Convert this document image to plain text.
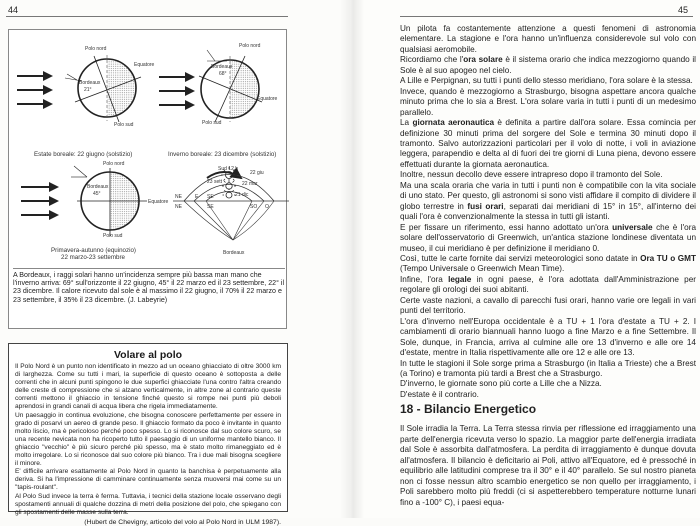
44
Polo nord
Equatore
Bordeaux
21°
Polo sud
Estate boreale: 22 giugno (solstizio)
Polo nord
Bordeaux
68°
Equatore
Polo sud
Inverno boreale: 23 dicembre (solstizio)
Polo nord
Bordeaux
45°
Equatore
Polo sud
Primavera-autunno (equinozio)
22 marzo-23 settembre
Sud 12 h
22 giu
22 mar
23 sett
21 dic
NE
NE
E SE
SE	SO O
Bordeaux
A Bordeaux, i raggi solari hanno un'incidenza sempre più bassa man mano che l'inverno arriva: 69° sull'orizzonte il 22 giugno, 45° il 22 marzo ed il 23 settembre, 22° il 23 dicembre. Il calore ricevuto dal sole è al massimo il 22 giugno, il 70% il 22 marzo e 23 settembre, il 35% il 23 dicembre. (J. Labeyrie)
Volare al polo

Il Polo Nord è un punto non identificato in mezzo ad un oceano ghiacciato di oltre 3000 km di larghezza. Come su tutti i mari, la superficie di questo oceano è sottoposta a delle correnti che in alcuni punti spingono le due superfici ghiacciate l'una contro l'altra creando delle creste di compressione che si alzano verticalmente, in altre zone al contrario queste correnti mettono il ghiaccio in tensione finché questo si rompe nei punti più deboli aprendosi in grandi canali di acqua libera che rigela immediatamente.

Un paesaggio in continua evoluzione, che bisogna conoscere perfettamente per essere in grado di posarvi un aereo di grande peso. Il ghiaccio formato da poco è invitante in quanto molto liscio, ma è pericoloso perché poco spesso. Lo si riconosce dal suo colore scuro, se una recente nevicata non ha ricoperto tutto il paesaggio di un uniforme mantello bianco. Il ghiaccio "vecchio" è più sicuro perché più spesso, ma è stato molto rimaneggiato ed è molto irregolare. Lo si riconosce dal suo colore più bianco. Tra i due mali bisogna scegliere il minore.

E' difficile arrivare esattamente al Polo Nord in quanto la banchisa è perpetuamente alla deriva. Si ha l'impressione di camminare continuamente senza muoversi mai come su un "tapis-roulant".

Al Polo Sud invece la terra è ferma. Tuttavia, i tecnici della stazione locale osservano degli spostamenti annuali di qualche dozzina di metri della posizione del polo, che spiegano con gli spostamenti delle masse sulla terra.

(Hubert de Chevigny, articolo del volo al Polo Nord in ULM 1987).
45

Un pilota fa costantemente attenzione a questi fenomeni di astronomia elementare. La stagione e l'ora hanno un'influenza considerevole sul volo con qualsiasi aeromobile.

Ricordiamo che l'ora solare è il sistema orario che indica mezzogiorno quando il Sole è al suo apogeo nel cielo.

A Lille e Perpignan, su tutti i punti dello stesso meridiano, l'ora solare è la stessa.

Invece, quando è mezzogiorno a Strasburgo, bisogna aspettare ancora qualche minuto prima che lo sia a Brest. L'ora solare varia in tutti i punti di un medesimo parallelo.

La giornata aeronautica è definita a partire dall'ora solare. Essa comincia per definizione 30 minuti prima del sorgere del Sole e termina 30 minuti dopo il tramonto. Salvo autorizzazioni particolari per il volo di notte, i voli in aviazione leggera, parapendio e delta al di fuori dei tre giorni di Luna piena, devono essere effettuati durante la giornata aeronautica.

Inoltre, nessun decollo deve essere intrapreso dopo il tramonto del Sole.

Ma una scala oraria che varia in tutti i punti non è compatibile con la vita sociale di uno stato. Per questo, gli astronomi si sono visti affidare il compito di dividere il globo terrestre in fusi orari, separati dai meridiani di 15° in 15°, all'interno dei quali l'ora è convenzionalmente la stessa in tutti gli istanti.

E per fissare un riferimento, essi hanno adottato un'ora universale che è l'ora solare dell'osservatorio di Greenwich, un'antica stazione londinese diventata un museo, il cui meridiano è per definizione il meridiano 0.

Così, tutte le carte fornite dai servizi meteorologici sono datate in Ora TU o GMT (Tempo Universale o Greenwich Mean Time).

Infine, l'ora legale in ogni paese, è l'ora adottata dall'Amministrazione per regolare gli orologi dei suoi abitanti.

Certe vaste nazioni, a cavallo di parecchi fusi orari, hanno varie ore legali in vari punti del territorio.

L'ora d'inverno nell'Europa occidentale è a TU + 1 l'ora d'estate a TU + 2. I cambiamenti di orario biannuali hanno luogo a fine Marzo e a fine Settembre. Il Sole, dunque, in Francia, arriva al culmine alle ore 13 d'inverno e alle ore 14 d'estate, mentre in Italia rispettivamente alle ore 12 e alle ore 13.

In tutte le stagioni il Sole sorge prima a Strasburgo (in Italia a Trieste) che a Brest (a Torino) e tramonta più tardi a Brest che a Strasburgo.

D'inverno, le giornate sono più corte a Lille che a Nizza.

D'estate è il contrario.

18 - Bilancio Energetico
Il Sole irradia la Terra. La Terra stessa rinvia per riflessione ed irraggiamento una parte dell'energia ricevuta verso lo spazio. La maggior parte dell'energia irradiata dal Sole è assorbita dall'atmosfera. La perdita di irraggiamento è dunque dovuta all'atmosfera. Il bilancio è deficitario ai Poli, attivo all'Equatore, ed è pressoché in equilibrio alle latitudini comprese tra il 30° e il 40° parallelo. Se sul nostro pianeta non ci fosse nessun altro scambio energetico se non quello per irraggiamento, i Poli sarebbero molto più freddi (ci si aspetterebbero temperature notturne lunari fino a -100° C), i paesi equa-
